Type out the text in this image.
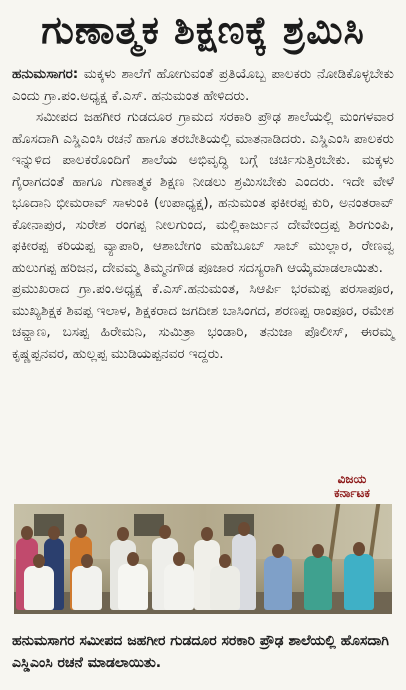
ಗುಣಾತ್ಮಕ ಶಿಕ್ಷಣಕ್ಕೆ ಶ್ರಮಿಸಿ

ಹನುಮಸಾಗರ: ಮಕ್ಕಳು ಶಾಲೆಗೆ ಹೋಗುವಂತೆ ಪ್ರತಿಯೊಬ್ಬ ಪಾಲಕರು ನೋಡಿಕೊಳ್ಳಬೇಕು ಎಂದು ಗ್ರಾ.ಪಂ.ಅಧ್ಯಕ್ಷ ಕೆ.ಎಸ್. ಹನುಮಂತ ಹೇಳಿದರು.

ಸಮೀಪದ ಜಹಗೀರ ಗುಡದೂರ ಗ್ರಾಮದ ಸರಕಾರಿ ಪ್ರೌಢ ಶಾಲೆಯಲ್ಲಿ ಮಂಗಳವಾರ ಹೊಸದಾಗಿ ಎಸ್ಡಿಎಂಸಿ ರಚನೆ ಹಾಗೂ ತರಬೇತಿಯಲ್ಲಿ ಮಾತನಾಡಿದರು. ಎಸ್ಡಿಎಂಸಿ ಪಾಲಕರು ಇನ್ನುಳಿದ ಪಾಲಕರೊಂದಿಗೆ ಶಾಲೆಯ ಅಭಿವೃದ್ಧಿ ಬಗ್ಗೆ ಚರ್ಚಿಸುತ್ತಿರಬೇಕು. ಮಕ್ಕಳು ಗೈರಾಗದಂತೆ ಹಾಗೂ ಗುಣಾತ್ಮಕ ಶಿಕ್ಷಣ ನೀಡಲು ಶ್ರಮಿಸಬೇಕು ಎಂದರು. ಇದೇ ವೇಳೆ ಭೂದಾನಿ ಭೀಮರಾವ್ ಸಾಳುಂಕಿ (ಉಪಾಧ್ಯಕ್ಷ), ಹನುಮಂತ ಫಕೀರಪ್ಪ ಕುರಿ, ಅನಂತರಾವ್ ಕೋನಾಪುರ, ಸುರೇಶ ರಂಗಪ್ಪ ನೀಲಗುಂದ, ಮಲ್ಲಿಕಾರ್ಜುನ ದೇವೇಂದ್ರಪ್ಪ ಶಿರಗುಂಪಿ, ಫಕೀರಪ್ಪ ಕರಿಯಪ್ಪ ವ್ಯಾಪಾರಿ, ಆಶಾಬೇಗಂ ಮಹೆಬೂಬ್ ಸಾಬ್ ಮುಲ್ಲಾರ, ರೇಣವ್ವ ಹುಲುಗಪ್ಪ ಹರಿಜನ, ದೇವಮ್ಮ ತಿಮ್ಮನಗೌಡ ಪೂಜಾರ ಸದಸ್ಯರಾಗಿ ಆಯ್ಕೆಮಾಡಲಾಯಿತು.

ಪ್ರಮುಖರಾದ ಗ್ರಾ.ಪಂ.ಅಧ್ಯಕ್ಷ ಕೆ.ಎಸ್.ಹನುಮಂತ, ಸಿಆರ್ಪಿ ಭರಮಪ್ಪ ಪರಸಾಪೂರ, ಮುಖ್ಯಶಿಕ್ಷಕ ಶಿವಪ್ಪ ಇಲಾಳ, ಶಿಕ್ಷಕರಾದ ಜಗದೀಶ ಬಾಸಿಂಗದ, ಶರಣಪ್ಪ ರಾಂಪೂರ, ರಮೇಶ ಚವ್ಹಾಣ, ಬಸಪ್ಪ ಹಿರೇಮನಿ, ಸುಮಿತ್ರಾ ಭಂಡಾರಿ, ತನುಜಾ ಪೊಲೀಸ್, ಈರಮ್ಮ ಕೃಷ್ಣಪ್ಪನವರ, ಹುಲ್ಲಪ್ಪ ಮುಡಿಯಪ್ಪನವರ ಇದ್ದರು.

ವಿಜಯ ಕರ್ನಾಟಕ
ಹನುಮಸಾಗರ ಸಮೀಪದ ಜಹಗೀರ ಗುಡದೂರ ಸರಕಾರಿ ಪ್ರೌಢ ಶಾಲೆಯಲ್ಲಿ ಹೊಸದಾಗಿ ಎಸ್ಡಿಎಂಸಿ ರಚನೆ ಮಾಡಲಾಯಿತು.
